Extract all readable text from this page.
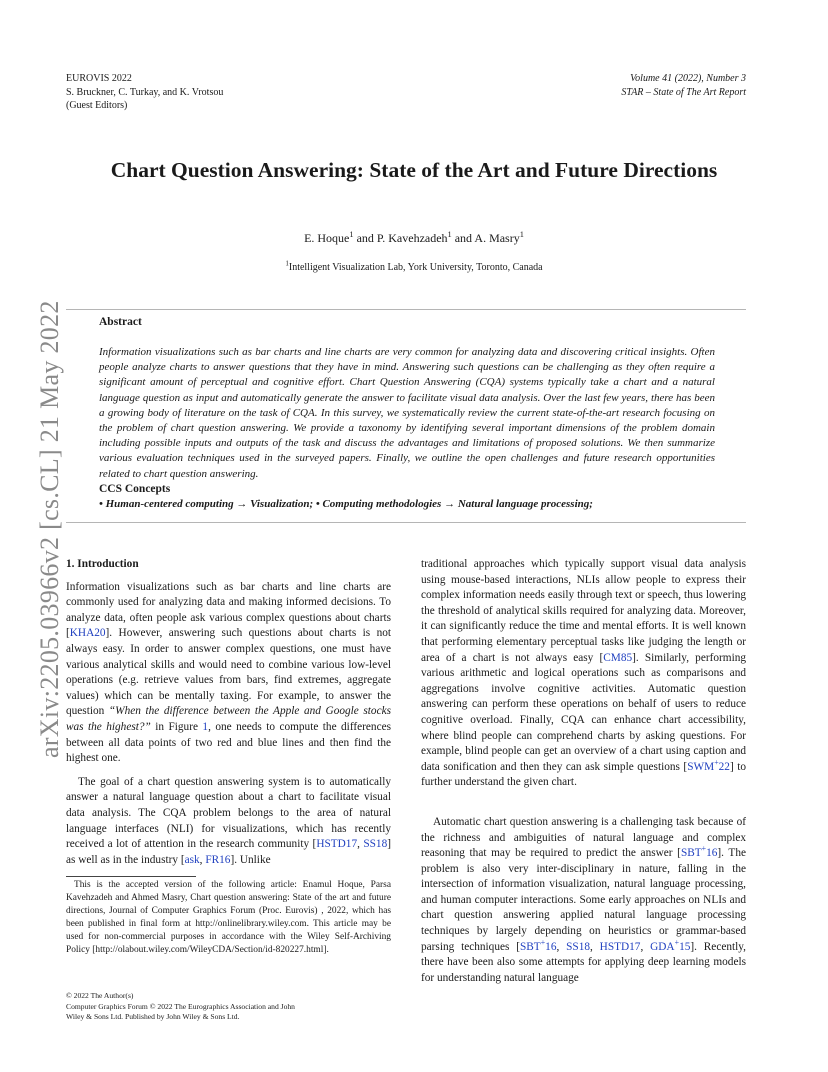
EUROVIS 2022
S. Bruckner, C. Turkay, and K. Vrotsou
(Guest Editors)
Volume 41 (2022), Number 3
STAR – State of The Art Report
arXiv:2205.03966v2 [cs.CL] 21 May 2022
Chart Question Answering: State of the Art and Future Directions
E. Hoque$^1$ and P. Kavehzadeh$^1$ and A. Masry$^1$
$^1$Intelligent Visualization Lab, York University, Toronto, Canada
Abstract
Information visualizations such as bar charts and line charts are very common for analyzing data and discovering critical insights. Often people analyze charts to answer questions that they have in mind. Answering such questions can be challenging as they often require a significant amount of perceptual and cognitive effort. Chart Question Answering (CQA) systems typically take a chart and a natural language question as input and automatically generate the answer to facilitate visual data analysis. Over the last few years, there has been a growing body of literature on the task of CQA. In this survey, we systematically review the current state-of-the-art research focusing on the problem of chart question answering. We provide a taxonomy by identifying several important dimensions of the problem domain including possible inputs and outputs of the task and discuss the advantages and limitations of proposed solutions. We then summarize various evaluation techniques used in the surveyed papers. Finally, we outline the open challenges and future research opportunities related to chart question answering.
CCS Concepts
• Human-centered computing → Visualization; • Computing methodologies → Natural language processing;
1. Introduction

Information visualizations such as bar charts and line charts are commonly used for analyzing data and making informed decisions. To analyze data, often people ask various complex questions about charts [KHA20]. However, answering such questions about charts is not always easy. In order to answer complex questions, one must have various analytical skills and would need to combine various low-level operations (e.g. retrieve values from bars, find extremes, aggregate values) which can be mentally taxing. For example, to answer the question “When the difference between the Apple and Google stocks was the highest?” in Figure 1, one needs to compute the differences between all data points of two red and blue lines and then find the highest one.

The goal of a chart question answering system is to automatically answer a natural language question about a chart to facilitate visual data analysis. The CQA problem belongs to the area of natural language interfaces (NLI) for visualizations, which has recently received a lot of attention in the research community [HSTD17, SS18] as well as in the industry [ask, FR16]. Unlike

This is the accepted version of the following article: Enamul Hoque, Parsa Kavehzadeh and Ahmed Masry, Chart question answering: State of the art and future directions, Journal of Computer Graphics Forum (Proc. Eurovis) , 2022, which has been published in final form at http://onlinelibrary.wiley.com. This article may be used for non-commercial purposes in accordance with the Wiley Self-Archiving Policy [http://olabout.wiley.com/WileyCDA/Section/id-820227.html].
© 2022 The Author(s)
Computer Graphics Forum © 2022 The Eurographics Association and John
Wiley & Sons Ltd. Published by John Wiley & Sons Ltd.

traditional approaches which typically support visual data analysis using mouse-based interactions, NLIs allow people to express their complex information needs easily through text or speech, thus lowering the threshold of analytical skills required for analyzing data. Moreover, it can significantly reduce the time and mental efforts. It is well known that performing elementary perceptual tasks like judging the length or area of a chart is not always easy [CM85]. Similarly, performing various arithmetic and logical operations such as comparisons and aggregations involve cognitive activities. Automatic question answering can perform these operations on behalf of users to reduce cognitive overload. Finally, CQA can enhance chart accessibility, where blind people can comprehend charts by asking questions. For example, blind people can get an overview of a chart using caption and data sonification and then they can ask simple questions [SWM+22] to further understand the given chart.

Automatic chart question answering is a challenging task because of the richness and ambiguities of natural language and complex reasoning that may be required to predict the answer [SBT+16]. The problem is also very inter-disciplinary in nature, falling in the intersection of information visualization, natural language processing, and human computer interactions. Some early approaches on NLIs and chart question answering applied natural language processing techniques by largely depending on heuristics or grammar-based parsing techniques [SBT+16, SS18, HSTD17, GDA+15]. Recently, there have been also some attempts for applying deep learning models for understanding natural language
